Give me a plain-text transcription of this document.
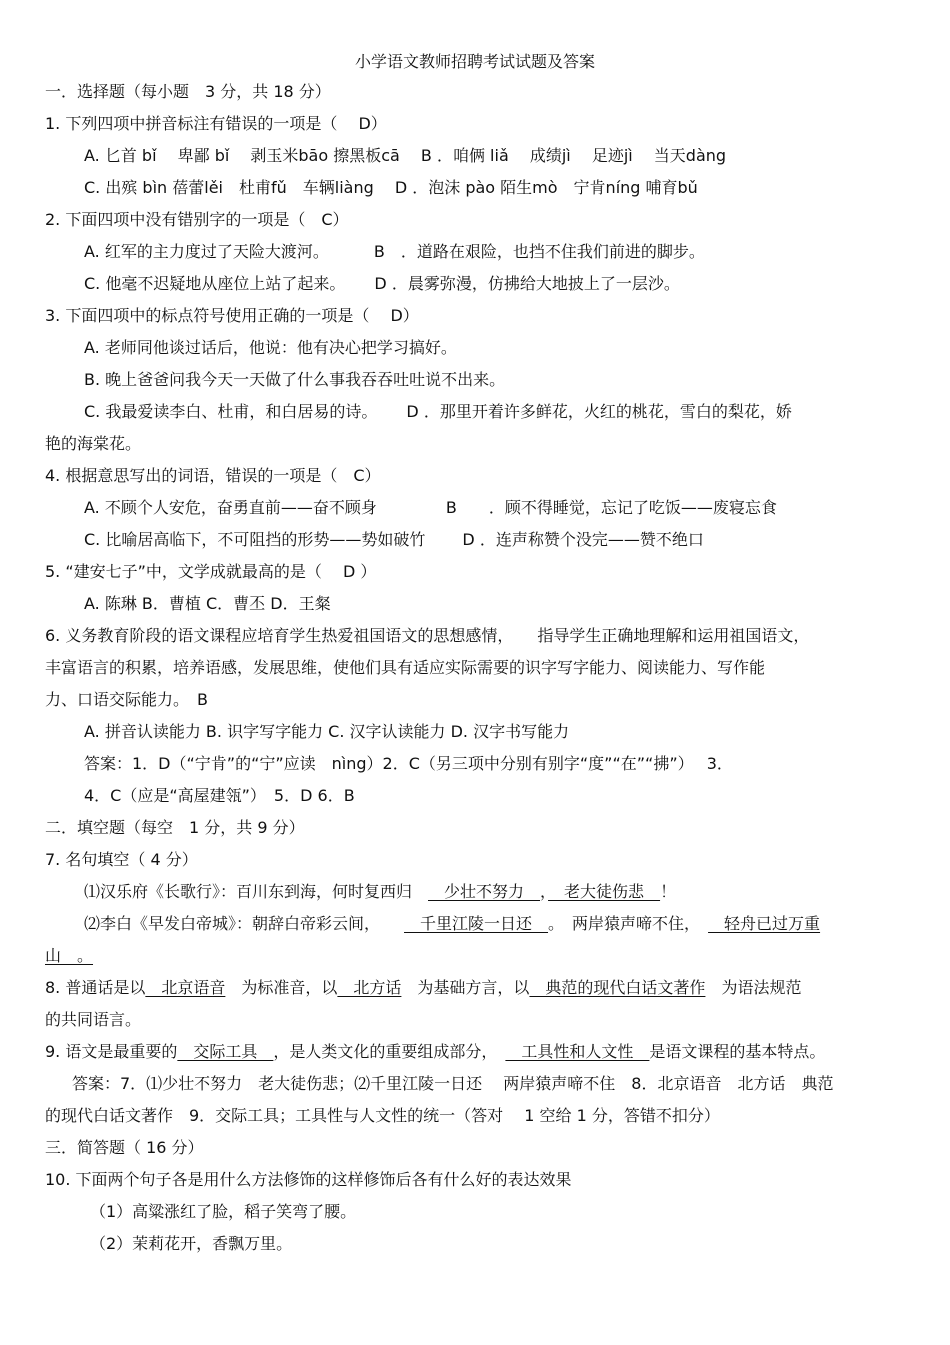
小学语文教师招聘考试试题及答案
一．选择题（每小题　3 分，共 18 分）
1. 下列四项中拼音标注有错误的一项是（　 D）
A. 匕首 bǐ　 卑鄙 bǐ　 剥玉米bāo 擦黑板cā　 B ．咱俩 liǎ　 成绩jì　 足迹jì　 当天dàng
C. 出殡 bìn 蓓蕾lěi　杜甫fǔ　车辆liàng　 D ．泡沫 pào 陌生mò　宁肯níng 哺育bǔ
2. 下面四项中没有错别字的一项是（　C）
A. 红军的主力度过了天险大渡河。　　　 B　．道路在艰险，也挡不住我们前进的脚步。
C. 他毫不迟疑地从座位上站了起来。　　 D ．晨雾弥漫，仿拂给大地披上了一层沙。
3. 下面四项中的标点符号使用正确的一项是（　 D）
A. 老师同他谈过话后，他说：他有决心把学习搞好。
B. 晚上爸爸问我今天一天做了什么事我吞吞吐吐说不出来。
C. 我最爱读李白、杜甫，和白居易的诗。　　 D ．那里开着许多鲜花，火红的桃花，雪白的梨花，娇
艳的海棠花。
4. 根据意思写出的词语，错误的一项是（　C）
A. 不顾个人安危，奋勇直前——奋不顾身　　　　 B　　．顾不得睡觉，忘记了吃饭——废寝忘食
C. 比喻居高临下，不可阻挡的形势——势如破竹　　 D ．连声称赞个没完——赞不绝口
5. “建安七子”中，文学成就最高的是（　 D ）
A. 陈琳 B．曹植 C．曹丕 D．王粲
6. 义务教育阶段的语文课程应培育学生热爱祖国语文的思想感情，　　指导学生正确地理解和运用祖国语文，
丰富语言的积累，培养语感，发展思维，使他们具有适应实际需要的识字写字能力、阅读能力、写作能
力、口语交际能力。　B
A. 拼音认读能力 B. 识字写字能力 C. 汉字认读能力 D. 汉字书写能力
答案：1．D（“宁肯”的“宁”应读　nìng）2．C（另三项中分别有别字“度”“在”“拂”）　 3．
4．C（应是“高屋建瓴”）　5．D 6．B
二．填空题（每空　1 分，共 9 分）
7. 名句填空（ 4 分）
⑴汉乐府《长歌行》：百川东到海，何时复西归　　少壮不努力　，　老大徒伤悲　！
⑵李白《早发白帝城》：朝辞白帝彩云间，　　　千里江陵一日还　。　两岸猿声啼不住，　　轻舟已过万重
山　。
8. 普通话是以　北京语音　为标准音，以　北方话　为基础方言，以　典范的现代白话文著作　为语法规范
的共同语言。
9. 语文是最重要的　交际工具　，是人类文化的重要组成部分，　　工具性和人文性　是语文课程的基本特点。
答案：7．⑴少壮不努力　老大徒伤悲；⑵千里江陵一日还　 两岸猿声啼不住　8．北京语音　北方话　典范
的现代白话文著作　9．交际工具；工具性与人文性的统一（答对　 1 空给 1 分，答错不扣分）
三．简答题（ 16 分）
10. 下面两个句子各是用什么方法修饰的这样修饰后各有什么好的表达效果
（1）高粱涨红了脸，稻子笑弯了腰。
（2）茉莉花开，香飘万里。
